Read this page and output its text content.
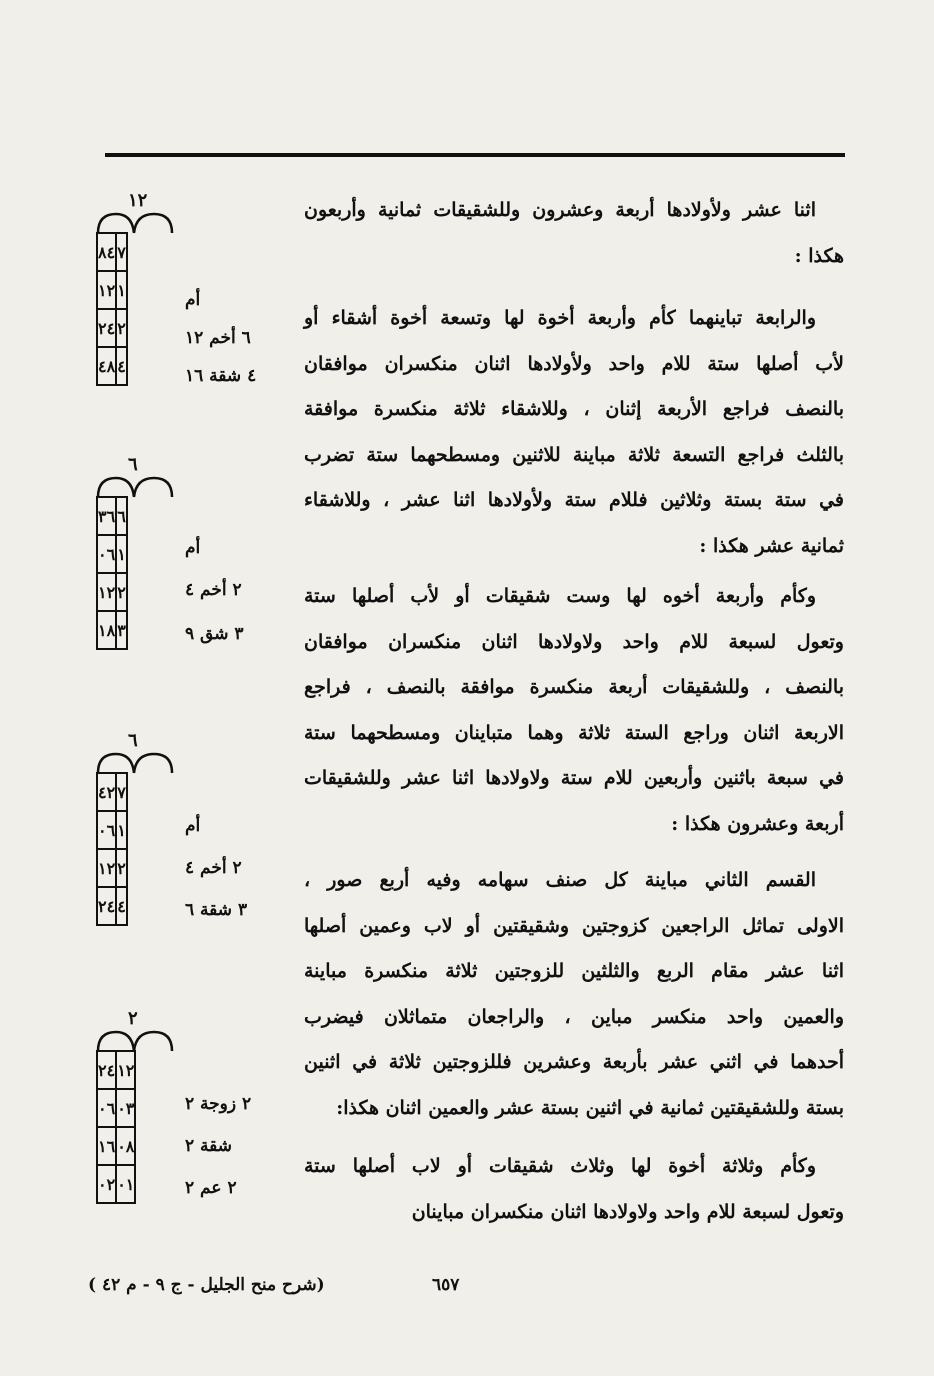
اثنا عشر ولأولادها أربعة وعشرون وللشقيقات ثمانية وأربعون
هكذا :
والرابعة تباينهما كأم وأربعة أخوة لها وتسعة أخوة أشقاء أو
لأب أصلها ستة للام واحد ولأولادها اثنان منكسران موافقان
بالنصف فراجع الأربعة إثنان ، وللاشقاء ثلاثة منكسرة موافقة
بالثلث فراجع التسعة ثلاثة مباينة للاثنين ومسطحهما ستة تضرب
في ستة بستة وثلاثين فللام ستة ولأولادها اثنا عشر ، وللاشقاء
ثمانية عشر هكذا :
وكأم وأربعة أخوه لها وست شقيقات أو لأب أصلها ستة
وتعول لسبعة للام واحد ولاولادها اثنان منكسران موافقان
بالنصف ، وللشقيقات أربعة منكسرة موافقة بالنصف ، فراجع
الاربعة اثنان وراجع الستة ثلاثة وهما متباينان ومسطحهما ستة
في سبعة باثنين وأربعين للام ستة ولاولادها اثنا عشر وللشقيقات
أربعة وعشرون هكذا :
القسم الثاني مباينة كل صنف سهامه وفيه أربع صور ،
الاولى تماثل الراجعين كزوجتين وشقيقتين أو لاب وعمين أصلها
اثنا عشر مقام الربع والثلثين للزوجتين ثلاثة منكسرة مباينة
والعمين واحد منكسر مباين ، والراجعان متماثلان فيضرب
أحدهما في اثني عشر بأربعة وعشرين فللزوجتين ثلاثة في اثنين
بستة وللشقيقتين ثمانية في اثنين بستة عشر والعمين اثنان هكذا:
وكأم وثلاثة أخوة لها وثلاث شقيقات أو لاب أصلها ستة
وتعول لسبعة للام واحد ولاولادها اثنان منكسران مباينان
١٢
٧	٨٤
١	١٢
٢	٢٤
٤	٤٨
أم
٦ أخم ١٢
٤ شقة ١٦
٦
٦	٣٦
١	٠٦
٢	١٢
٣	١٨
أم
٢ أخم ٤
٣ شق ٩
٦
٧	٤٢
١	٠٦
٢	١٢
٤	٢٤
أم
٢ أخم ٤
٣ شقة ٦
٢
١٢	٢٤
٠٣	٠٦
٠٨	١٦
٠١	٠٢
٢ زوجة ٢
شقة ٢
٢ عم ٢
٦٥٧
(شرح منح الجليل - ج ٩ - م ٤٢ )
